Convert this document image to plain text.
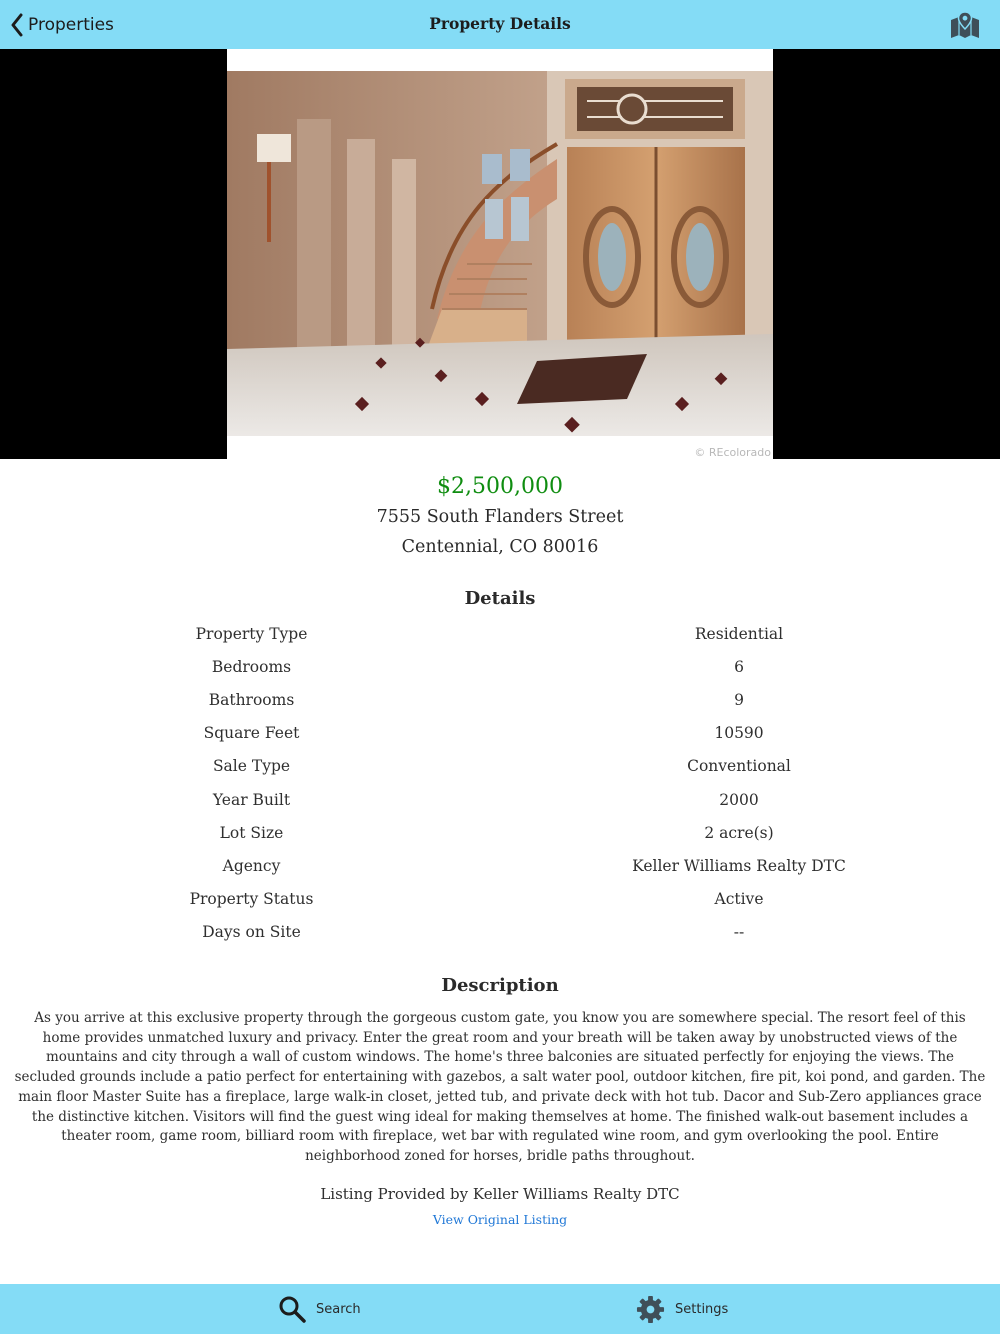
Properties	Property Details
© REcolorado
$2,500,000
7555 South Flanders Street
Centennial, CO 80016
Details
Property Type	Residential
Bedrooms	6
Bathrooms	9
Square Feet	10590
Sale Type	Conventional
Year Built	2000
Lot Size	2 acre(s)
Agency	Keller Williams Realty DTC
Property Status	Active
Days on Site	--
Description
As you arrive at this exclusive property through the gorgeous custom gate, you know you are somewhere special. The resort feel of this home provides unmatched luxury and privacy. Enter the great room and your breath will be taken away by unobstructed views of the mountains and city through a wall of custom windows. The home's three balconies are situated perfectly for enjoying the views. The secluded grounds include a patio perfect for entertaining with gazebos, a salt water pool, outdoor kitchen, fire pit, koi pond, and garden. The main floor Master Suite has a fireplace, large walk-in closet, jetted tub, and private deck with hot tub. Dacor and Sub-Zero appliances grace the distinctive kitchen. Visitors will find the guest wing ideal for making themselves at home. The finished walk-out basement includes a theater room, game room, billiard room with fireplace, wet bar with regulated wine room, and gym overlooking the pool. Entire neighborhood zoned for horses, bridle paths throughout.
Listing Provided by Keller Williams Realty DTC
View Original Listing
Search	Settings
